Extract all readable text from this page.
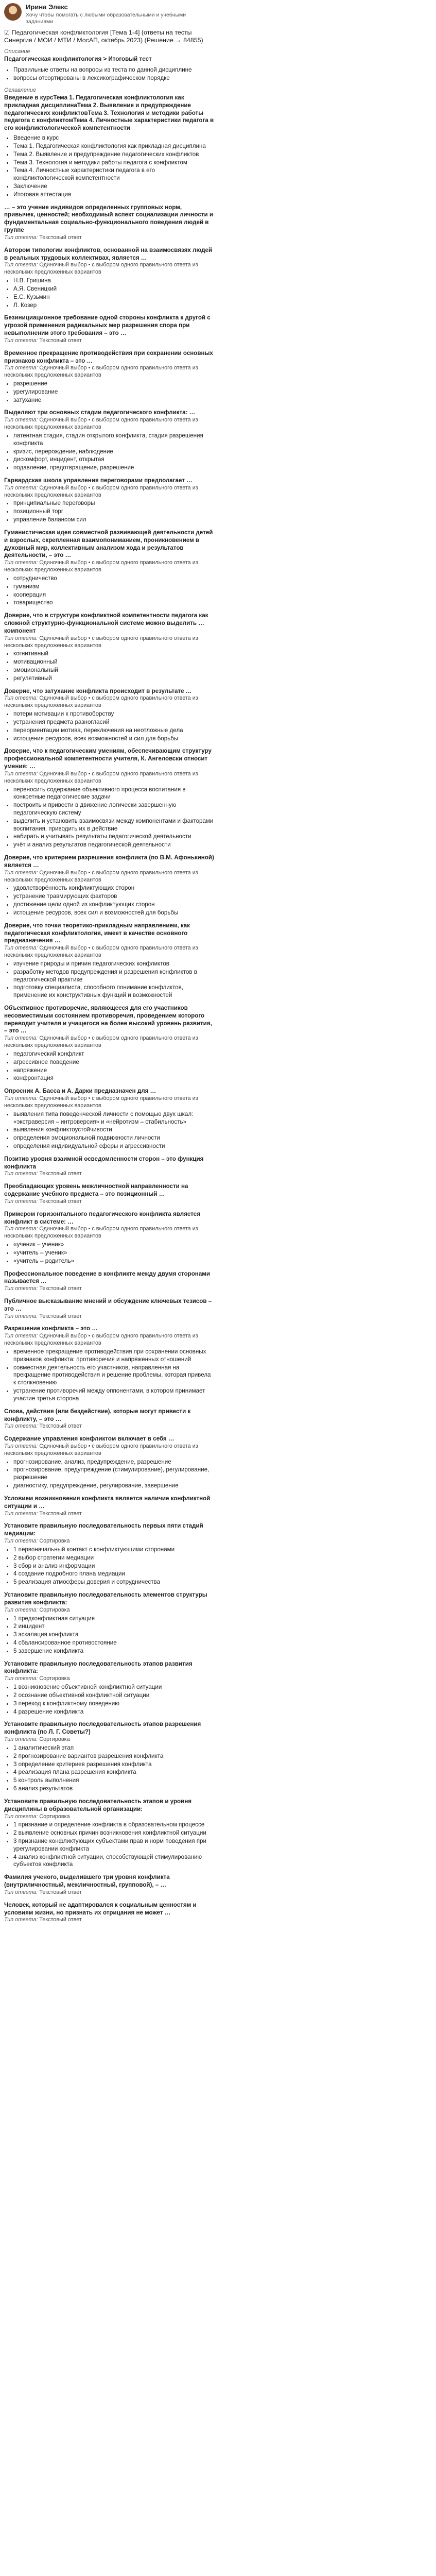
Ирина Элекс
Хочу чтобы помогать с любыми образовательными и учебными заданиями
☑ Педагогическая конфликтология [Тема 1-4] (ответы на тесты Синергия / МОИ / МТИ / МосАП, октябрь 2023) (Решение → 84855)
Описание
Педагогическая конфликтология > Итоговый тест
• Правильные ответы на вопросы из теста по данной дисциплине
• вопросы отсортированы в лексикографическом порядке
Оглавление
Введение в курсТема 1. Педагогическая конфликтология как прикладная дисциплинаТема 2. Выявление и предупреждение педагогических конфликтовТема 3. Технология и методики работы педагога с конфликтомТема 4. Личностные характеристики педагога в его конфликтологической компетентности
• Введение в курс
• Тема 1. Педагогическая конфликтология как прикладная дисциплина
• Тема 2. Выявление и предупреждение педагогических конфликтов
• Тема 3. Технология и методики работы педагога с конфликтом
• Тема 4. Личностные характеристики педагога в его конфликтологической компетентности
• Заключение
• Итоговая аттестация
… – это учение индивидов определенных групповых норм, привычек, ценностей; необходимый аспект социализации личности и фундаментальная социально-функционального поведения людей в группе
Тип ответа: Текстовый ответ
Автором типологии конфликтов, основанной на взаимосвязях людей в реальных трудовых коллективах, является …
Тип ответа: Одиночный выбор • с выбором одного правильного ответа из нескольких предложенных вариантов
• Н.В. Гришина
• А.Я. Свеницкий
• Е.С. Кузьмин
• Л. Козер
Безинициационное требование одной стороны конфликта к другой с угрозой применения радикальных мер разрешения спора при невыполнении этого требования – это …
Тип ответа: Текстовый ответ
Временное прекращение противодействия при сохранении основных признаков конфликта – это …
Тип ответа: Одиночный выбор • с выбором одного правильного ответа из нескольких предложенных вариантов
• разрешение
• урегулирование
• затухание
Выделяют три основных стадии педагогического конфликта: …
Тип ответа: Одиночный выбор • с выбором одного правильного ответа из нескольких предложенных вариантов
• латентная стадия, стадия открытого конфликта, стадия разрешения конфликта
• кризис, перерождение, наблюдение
• дискомфорт, инцидент, открытая
• подавление, предотвращение, разрешение
Гарвардская школа управления переговорами предполагает …
Тип ответа: Одиночный выбор • с выбором одного правильного ответа из нескольких предложенных вариантов
• принципиальные переговоры
• позиционный торг
• управление балансом сил
Гуманистическая идея совместной развивающей деятельности детей и взрослых, скрепленная взаимопониманием, проникновением в духовный мир, коллективным анализом хода и результатов деятельности, – это …
Тип ответа: Одиночный выбор • с выбором одного правильного ответа из нескольких предложенных вариантов
• сотрудничество
• гуманизм
• кооперация
• товарищество
Доверие, что в структуре конфликтной компетентности педагога как сложной структурно-функциональной системе можно выделить … компонент
Тип ответа: Одиночный выбор • с выбором одного правильного ответа из нескольких предложенных вариантов
• когнитивный
• мотивационный
• эмоциональный
• регулятивный
Доверие, что затухание конфликта происходит в результате …
Тип ответа: Одиночный выбор • с выбором одного правильного ответа из нескольких предложенных вариантов
• потери мотивации к противоборству
• устранения предмета разногласий
• переориентации мотива, переключения на неотложные дела
• истощения ресурсов, всех возможностей и сил для борьбы
Доверие, что к педагогическим умениям, обеспечивающим структуру профессиональной компетентности учителя, К. Ангеловски относит умения: …
Тип ответа: Одиночный выбор • с выбором одного правильного ответа из нескольких предложенных вариантов
• переносить содержание объективного процесса воспитания в конкретные педагогические задачи
• построить и привести в движение логически завершенную педагогическую систему
• выделить и установить взаимосвязи между компонентами и факторами воспитания, приводить их в действие
• набирать и учитывать результаты педагогической деятельности
• учёт и анализ результатов педагогической деятельности
Доверие, что критерием разрешения конфликта (по В.М. Афонькиной) является …
Тип ответа: Одиночный выбор • с выбором одного правильного ответа из нескольких предложенных вариантов
• удовлетворённость конфликтующих сторон
• устранение травмирующих факторов
• достижение цели одной из конфликтующих сторон
• истощение ресурсов, всех сил и возможностей для борьбы
Доверие, что точки теоретико-прикладным направлением, как педагогическая конфликтология, имеет в качестве основного предназначения …
Тип ответа: Одиночный выбор • с выбором одного правильного ответа из нескольких предложенных вариантов
• изучение природы и причин педагогических конфликтов
• разработку методов предупреждения и разрешения конфликтов в педагогической практике
• подготовку специалиста, способного понимание конфликтов, применение их конструктивных функций и возможностей
Объективное противоречие, являющееся для его участников несовместимым состоянием противоречия, проведением которого переводит учителя и учащегося на более высокий уровень развития, – это …
Тип ответа: Одиночный выбор • с выбором одного правильного ответа из нескольких предложенных вариантов
• педагогический конфликт
• агрессивное поведение
• напряжение
• конфронтация
Опросник А. Басса и А. Дарки предназначен для …
Тип ответа: Одиночный выбор • с выбором одного правильного ответа из нескольких предложенных вариантов
• выявления типа поведенческой личности с помощью двух шкал: «экстраверсия – интроверсия» и «нейротизм – стабильность»
• выявления конфликтоустойчивости
• определения эмоциональной подвижности личности
• определения индивидуальной сферы и агрессивности
Позитив уровня взаимной осведомленности сторон – это функция конфликта
Тип ответа: Текстовый ответ
Преобладающих уровень межличностной направленности на содержание учебного предмета – это позиционный …
Тип ответа: Текстовый ответ
Примером горизонтального педагогического конфликта является конфликт в системе: …
Тип ответа: Одиночный выбор • с выбором одного правильного ответа из нескольких предложенных вариантов
• «ученик – ученик»
• «учитель – ученик»
• «учитель – родитель»
Профессиональное поведение в конфликте между двумя сторонами называется …
Тип ответа: Текстовый ответ
Публичное высказывание мнений и обсуждение ключевых тезисов – это …
Тип ответа: Текстовый ответ
Разрешение конфликта – это …
Тип ответа: Одиночный выбор • с выбором одного правильного ответа из нескольких предложенных вариантов
• временное прекращение противодействия при сохранении основных признаков конфликта: противоречия и напряженных отношений
• совместная деятельность его участников, направленная на прекращение противодействия и решение проблемы, которая привела к столкновению
• устранение противоречий между оппонентами, в котором принимает участие третья сторона
Слова, действия (или бездействие), которые могут привести к конфликту, – это …
Тип ответа: Текстовый ответ
Содержание управления конфликтом включает в себя …
Тип ответа: Одиночный выбор • с выбором одного правильного ответа из нескольких предложенных вариантов
• прогнозирование, анализ, предупреждение, разрешение
• прогнозирование, предупреждение (стимулирование), регулирование, разрешение
• диагностику, предупреждение, регулирование, завершение
Условием возникновения конфликта является наличие конфликтной ситуации и …
Тип ответа: Текстовый ответ
Установите правильную последовательность первых пяти стадий медиации:
Тип ответа: Сортировка
• 1 первоначальный контакт с конфликтующими сторонами
• 2 выбор стратегии медиации
• 3 сбор и анализ информации
• 4 создание подробного плана медиации
• 5 реализация атмосферы доверия и сотрудничества
Установите правильную последовательность элементов структуры развития конфликта:
Тип ответа: Сортировка
• 1 предконфликтная ситуация
• 2 инцидент
• 3 эскалация конфликта
• 4 сбалансированное противостояние
• 5 завершение конфликта
Установите правильную последовательность этапов развития конфликта:
Тип ответа: Сортировка
• 1 возникновение объективной конфликтной ситуации
• 2 осознание объективной конфликтной ситуации
• 3 переход к конфликтному поведению
• 4 разрешение конфликта
Установите правильную последовательность этапов разрешения конфликта (по Л. Г. Советы?)
Тип ответа: Сортировка
• 1 аналитический этап
• 2 прогнозирование вариантов разрешения конфликта
• 3 определение критериев разрешения конфликта
• 4 реализация плана разрешения конфликта
• 5 контроль выполнения
• 6 анализ результатов
Установите правильную последовательность этапов и уровня дисциплины в образовательной организации:
Тип ответа: Сортировка
• 1 признание и определение конфликта в образовательном процессе
• 2 выявление основных причин возникновения конфликтной ситуации
• 3 признание конфликтующих субъектами прав и норм поведения при урегулировании конфликта
• 4 анализ конфликтной ситуации, способствующей стимулированию субъектов конфликта
Фамилия ученого, выделившего три уровня конфликта (внутриличностный, межличностный, групповой), – …
Тип ответа: Текстовый ответ
Человек, который не адаптировался к социальным ценностям и условиям жизни, но признать их отрицания не может …
Тип ответа: Текстовый ответ
